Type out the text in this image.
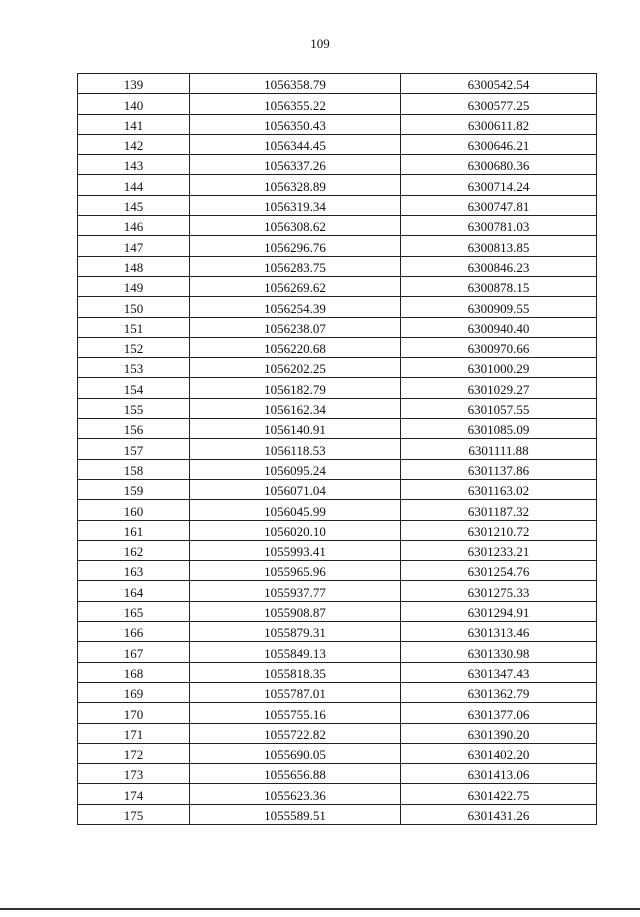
109
139	1056358.79	6300542.54
140	1056355.22	6300577.25
141	1056350.43	6300611.82
142	1056344.45	6300646.21
143	1056337.26	6300680.36
144	1056328.89	6300714.24
145	1056319.34	6300747.81
146	1056308.62	6300781.03
147	1056296.76	6300813.85
148	1056283.75	6300846.23
149	1056269.62	6300878.15
150	1056254.39	6300909.55
151	1056238.07	6300940.40
152	1056220.68	6300970.66
153	1056202.25	6301000.29
154	1056182.79	6301029.27
155	1056162.34	6301057.55
156	1056140.91	6301085.09
157	1056118.53	6301111.88
158	1056095.24	6301137.86
159	1056071.04	6301163.02
160	1056045.99	6301187.32
161	1056020.10	6301210.72
162	1055993.41	6301233.21
163	1055965.96	6301254.76
164	1055937.77	6301275.33
165	1055908.87	6301294.91
166	1055879.31	6301313.46
167	1055849.13	6301330.98
168	1055818.35	6301347.43
169	1055787.01	6301362.79
170	1055755.16	6301377.06
171	1055722.82	6301390.20
172	1055690.05	6301402.20
173	1055656.88	6301413.06
174	1055623.36	6301422.75
175	1055589.51	6301431.26
